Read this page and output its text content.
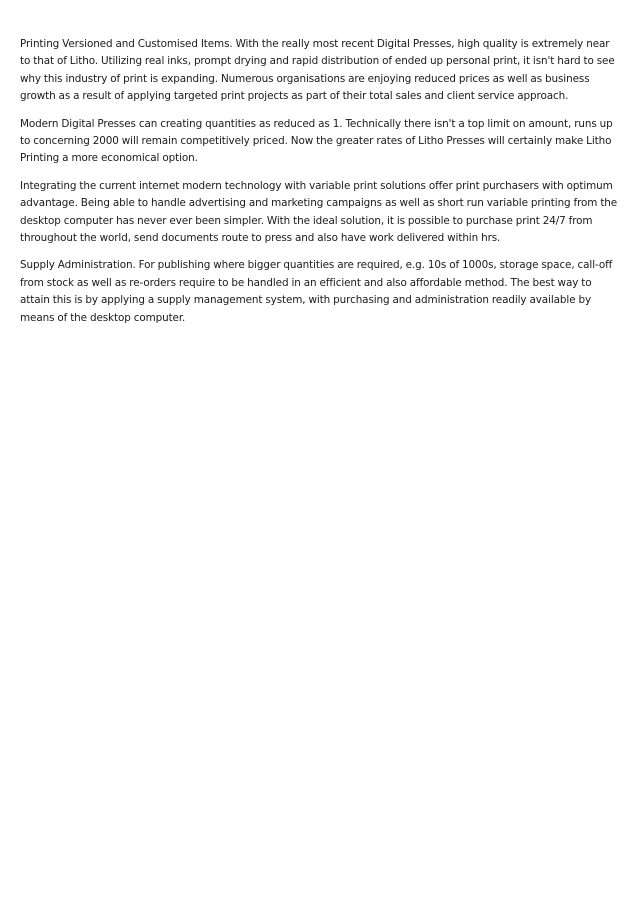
Printing Versioned and Customised Items. With the really most recent Digital Presses, high quality is extremely near to that of Litho. Utilizing real inks, prompt drying and rapid distribution of ended up personal print, it isn't hard to see why this industry of print is expanding. Numerous organisations are enjoying reduced prices as well as business growth as a result of applying targeted print projects as part of their total sales and client service approach.

Modern Digital Presses can creating quantities as reduced as 1. Technically there isn't a top limit on amount, runs up to concerning 2000 will remain competitively priced. Now the greater rates of Litho Presses will certainly make Litho Printing a more economical option.

Integrating the current internet modern technology with variable print solutions offer print purchasers with optimum advantage. Being able to handle advertising and marketing campaigns as well as short run variable printing from the desktop computer has never ever been simpler. With the ideal solution, it is possible to purchase print 24/7 from throughout the world, send documents route to press and also have work delivered within hrs.

Supply Administration. For publishing where bigger quantities are required, e.g. 10s of 1000s, storage space, call-off from stock as well as re-orders require to be handled in an efficient and also affordable method. The best way to attain this is by applying a supply management system, with purchasing and administration readily available by means of the desktop computer.
